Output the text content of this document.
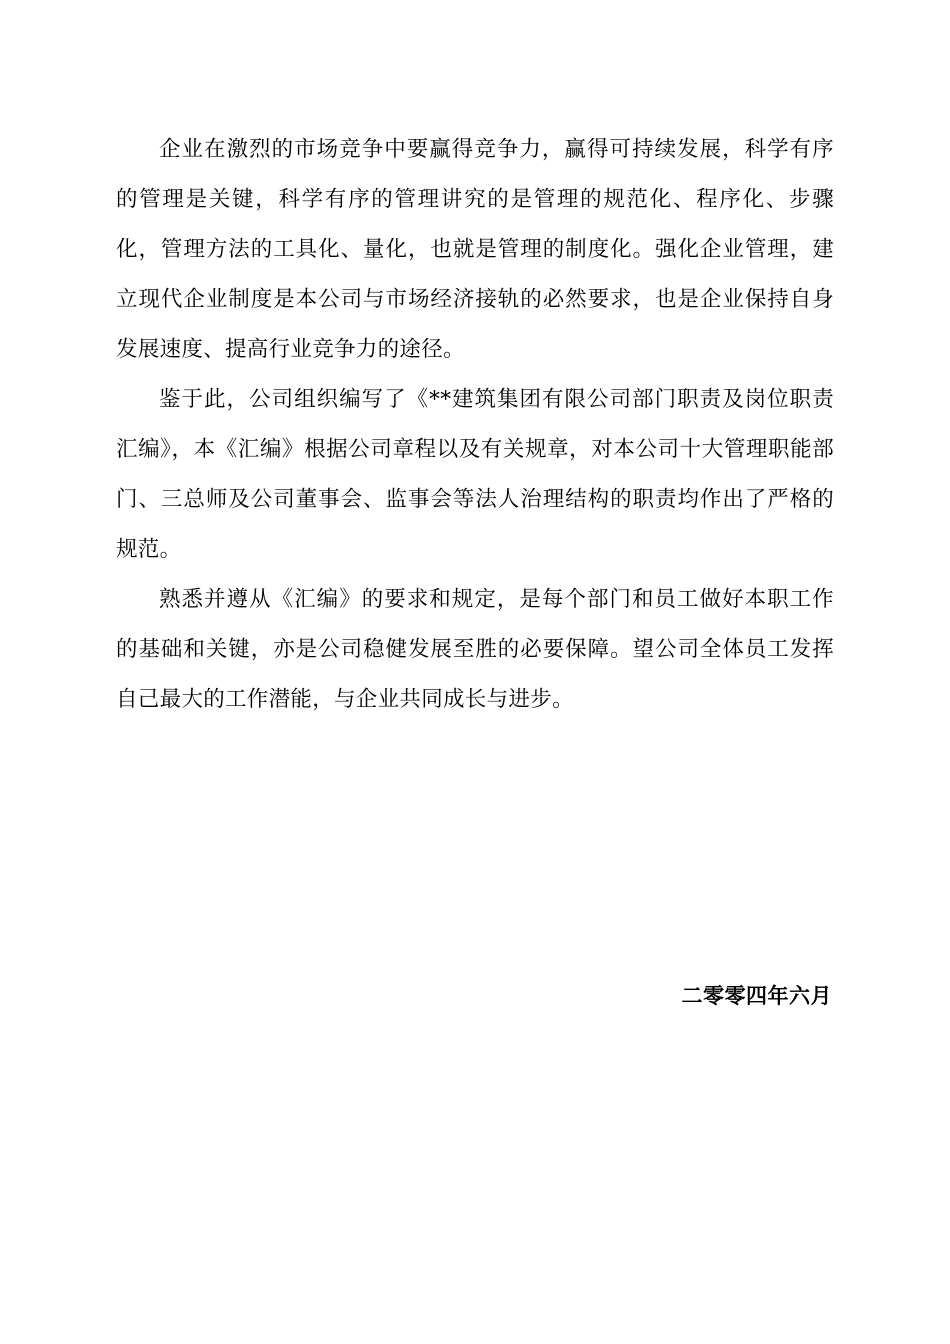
企业在激烈的市场竞争中要赢得竞争力，赢得可持续发展，科学有序的管理是关键，科学有序的管理讲究的是管理的规范化、程序化、步骤化，管理方法的工具化、量化，也就是管理的制度化。强化企业管理，建立现代企业制度是本公司与市场经济接轨的必然要求，也是企业保持自身发展速度、提高行业竞争力的途径。

鉴于此，公司组织编写了《**建筑集团有限公司部门职责及岗位职责汇编》，本《汇编》根据公司章程以及有关规章，对本公司十大管理职能部门、三总师及公司董事会、监事会等法人治理结构的职责均作出了严格的规范。

熟悉并遵从《汇编》的要求和规定，是每个部门和员工做好本职工作的基础和关键，亦是公司稳健发展至胜的必要保障。望公司全体员工发挥自己最大的工作潜能，与企业共同成长与进步。

二零零四年六月
